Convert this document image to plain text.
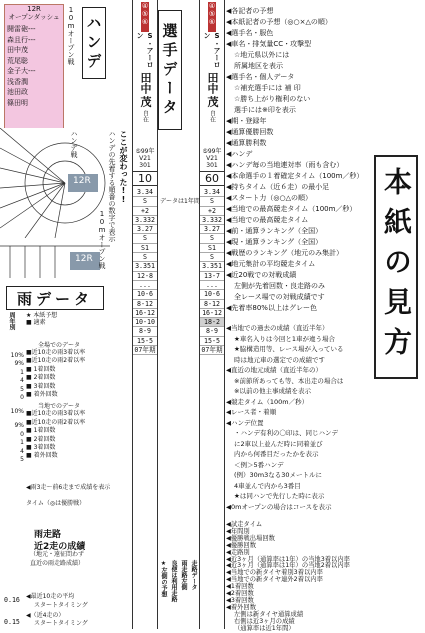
12R
オープンダッシュ
闘雷砲---
森且行---
田中茂
荒尾聡
金子大---
浅香潤
池田政
篠田明
ハンデ
10mオープン戦
12R
12R
ハンデ戦	ここが変わった!!
ハンデの先着する順番の数字で表示
10mオープン戦
選手データ
④⑤⑥
S・アーロン
田中
茂
自在
⑤99年
V21
301
10
3.34
S
+2
3.332
3.27
S
S1
S
3.351
12-8
...
10-6
8-12
16-12
10-10
8-9
15-5
07年期
④⑤⑥
S・アーロン
田中
茂
自在
⑤99年
V21
301
60
3.34
S
+2
3.332
3.27
S
S1
S
3.351
13-7
...
10-6
8-12
16-12
18-2
8-9
15-5
07年期
データは1年間
◀各記者の予想
◀本紙記者の予想（◎○×△の順）
◀選手名・服色
◀車名・排気量CC・攻撃型
☆地元県以外には
所属地区を表示
◀選手名・個人データ
☆補充選手には 補 印
☆勝ち上がり権利のない
選手には※印を表示
◀期・登録年
◀通算優勝回数
◀通算勝利数
◀ハンデ
◀ハンデ毎の当地連対率（雨も含む）
◀本命選手の１着確定タイム（100m／秒）
◀持ちタイム（近６走）の最小足
◀スタート力（◎○△の順）
◀当地での最高競走タイム（100m／秒）
◀当地での最高競走タイム
◀前・通算ランキング（全国）
◀現・通算ランキング（全国）
◀戦歴のランキング（地元のみ集計）
◀地元集計の平均競走タイム
◀近20戦での対戦成績
左側が先着回数・良走路のみ
全レース場での対戦成績です
◀先着率80%以上はグレー色
◀当地での過去の成績（直近半年）
★車名入りは今回と1車が違う場合
★脇構造用等、レース場が入っている
時は地元車の選定での成績です
◀直近の地元成績（直近半年の）
※前節所あっても等、本出走の場合は
※以前の他主事成績を表示
◀競走タイム（100m／秒）
◀レース者・着順
◀ハンデ位置
・ハンデ有利の〇印は、同じハンデ
に2車以上並んだ時に同着並び
内から何番目だったかを表示
＜例＞5番ハンデ
(例）30m3なる30メートルに
4車並んで内から3番目
★は同ハンで先行した時に表示
◀0mオープンの場合はコースを表示
◀試走タイム
◀年間別
◀優勝戦出場回数
◀優勝回数
◀走路別
◀近3ヶ月（通算率は1年）の当地3着以内率
◀近3ヶ月（通算率は1年）の当地2着以内率
◀当地での新タイヤ着別3着以内率
◀当地での新タイヤ連外2着以内率
◀1着回数
◀2着回数
◀3着回数
◀着外回数
左側は新タイヤ通算成績
右側は近3ヶ月の成績
（通算率は近1年間）
本紙の見方
雨データ
★ 本紙予想
■ 適素
周年別
全場でのデータ
■近10走の雨3着以率
■近10走の雨2着以率
■ 1着回数
■ 2着回数
■ 3着回数
■ 着外回数
当地でのデータ
■近10走の雨3着以率
■近10走の雨2着以率
■ 1着回数
■ 2着回数
■ 3着回数
■ 着外回数
10%
9%
1
4
5
0
10%
9%
0
1
4
5
◀雨3走〜前6走まで成績を表示
タイム（◎は優勝戦）
雨走路
近2走の成績
（地元・遠征問わず
直近の雨走路成績）
◀最近10走の平均
スタートタイミング
◀（近4走の）
スタートタイミング
0.16
0.15
★左側の予想 良便は利用走路 雨走路左側 走路データ
